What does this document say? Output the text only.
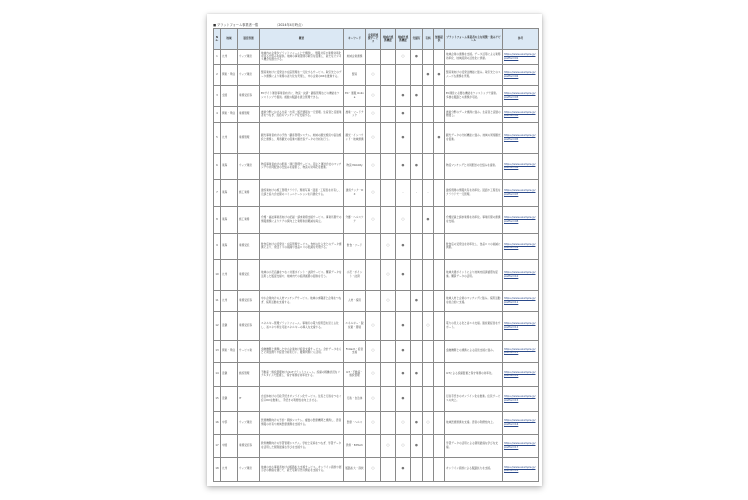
■ プラットフォーム事業者一覧	（2024年4月時点）
No.	地域	運営形態	概要	キーワード	企業間連携サービス	地域内連携機能	地域外連携機能	実績有	有料	無料提供	プラットフォーム事業者の主な特徴・強みアピール	参考
1	九州	ウェブ運営	地域内の企業がプラットフォーム上で連携し、情報共有や業務効率化を図る仕組みを提供。地域の事業者間の取引を促進し、新たなビジネス機会を創出する。	地域企業連携			○	●			地域企業の連携を支援。データ活用による業務効率化、地域経済の活性化に貢献。	https://www.example.jp/platform01
2	関東・甲信	ウェブ運営	製造業向けに受発注や在庫管理を一元化するサービス。取引先とのデータ連携により業務の省力化を実現し、中小企業のDXを推進する。	製造	○				●	●	製造業向けの受発注機能に強み。取引先とのスムーズな連携を実現。	https://www.example.jp/platform02
3	全国	業務受託等	ECサイト運営事業者向けに、物流・決済・顧客管理などの機能をワンストップで提供。複数の販路を統合管理できる。	EC・通販 Online	○		●	●			EC運営に必要な機能をワンストップで提供。多様な販路との連携が可能。	https://www.example.jp/platform03
4	関東・甲信	業務管理	農業分野における生産・出荷・販売情報を一元管理。生産者と流通業者をつなぎ、需給のマッチングを支援する。	農業・フードテック	○		●				農業分野のデータ連携に強み。生産者と流通の橋渡し。	https://www.example.jp/platform04
5	九州	業務管理	観光事業者向けの予約・顧客管理システム。地域の観光施設や宿泊施設と連携し、周遊観光の促進や観光客データの分析を行う。	観光・インバウンド・地域連携	○		●			●	観光データの分析機能に強み。地域の周遊観光を促進。	https://www.example.jp/platform05
6	東海	ウェブ運営	物流事業者向けの配車・運行管理サービス。荷主と運送会社のマッチングや共同配送の仕組みを提供し、物流の効率化を推進。	物流 Mobility	○		●	●			物流マッチングと共同配送の仕組みを提供。	https://www.example.jp/platform06
7	東海	施工業務	建設業向けの施工管理クラウド。現場写真・図面・工程表を共有し、元請と協力会社間のコミュニケーションを円滑化する。	建設テック・DX	○		-	-	-		建設現場の情報共有を効率化。図面や工程表をクラウドで一元管理。	https://www.example.jp/platform07
8	東海	施工業務	介護・福祉事業者向けの記録・請求業務支援サービス。事業所間での情報連携によりケアの質向上と業務負担軽減を両立。	介護・ヘルスケア	○		○		●		介護記録と請求業務を効率化。事業所間の連携を支援。	https://www.example.jp/platform08
9	東海	業務受託	飲食店向けの受発注・在庫管理サービス。食材の仕入先とのデータ連携により、発注ミスの削減や食品ロスの低減を実現する。	飲食・フード		○	●				飲食店の受発注を効率化し、食品ロスの削減に貢献。	https://www.example.jp/platform09
10	九州	業務受託	地域の小売店舗をつなぐ共通ポイント・決済サービス。購買データを活用した販促支援や、地域内での経済循環の促進を行う。	小売・ポイント・決済		○	●				地域共通ポイントにより地域内経済循環を促進。購買データの活用。	https://www.example.jp/platform10
11	九州	業務受託等	中小企業向けの人材マッチングサービス。地域の求職者と企業をつなぎ、採用活動を支援する。	人材・採用		○		●			地域人材と企業のマッチングに強み。採用活動を総合的に支援。	https://www.example.jp/platform11
12	近畿	業務受託等	エネルギー管理プラットフォーム。事業所の電力使用量を見える化し、省エネや再生可能エネルギーの導入を支援する。	エネルギー・脱炭素・環境	○		●		○		電力の見える化と省エネ支援。脱炭素経営をサポート。	https://www.example.jp/platform12
13	関東・甲信	サービス業	金融機関と連携した中小企業向け経営支援サービス。会計データをもとに資金繰りや経営分析を行い、融資判断にも活用。	Fintech・経営支援	○		●				金融機関との連携による経営支援に強み。	https://www.example.jp/platform13
14	近畿	施設管理	不動産・施設管理向けのIoTプラットフォーム。設備の稼働状況をリアルタイムで監視し、保守業務を効率化する。	IoT・不動産・施設管理	○		●	●			IoTによる設備監視と保守業務の効率化。	https://www.example.jp/platform14
15	近畿	IT	自治体向けの行政手続きオンライン化サービス。住民と行政をつなぐ窓口DXを推進し、手続きの利便性を向上させる。	行政・自治体	○		●				行政手続きのオンライン化を推進。住民サービスの向上。	https://www.example.jp/platform15
16	中部	ウェブ運営	医療機関向けの予約・問診システム。複数の医療機関と連携し、患者情報の共有や地域医療連携を支援する。	医療・ヘルス	○		○	●	○		地域医療連携を支援。患者の利便性向上。	https://www.example.jp/platform16
17	中国	業務受託等	教育機関向けの学習管理システム。学校と家庭をつなぎ、学習データを活用した個別最適な学びを支援する。	教育・EdTech		○	○	●			学習データの活用による個別最適な学びを支援。	https://www.example.jp/platform17
18	九州	ウェブ運営	地域の中小事業者向けの販路拡大支援サービス。オンライン商談や展示会の開催を通じて、新たな取引先の開拓を支援する。	販路拡大・商談	○		●				オンライン商談による販路拡大を支援。	https://www.example.jp/platform18
